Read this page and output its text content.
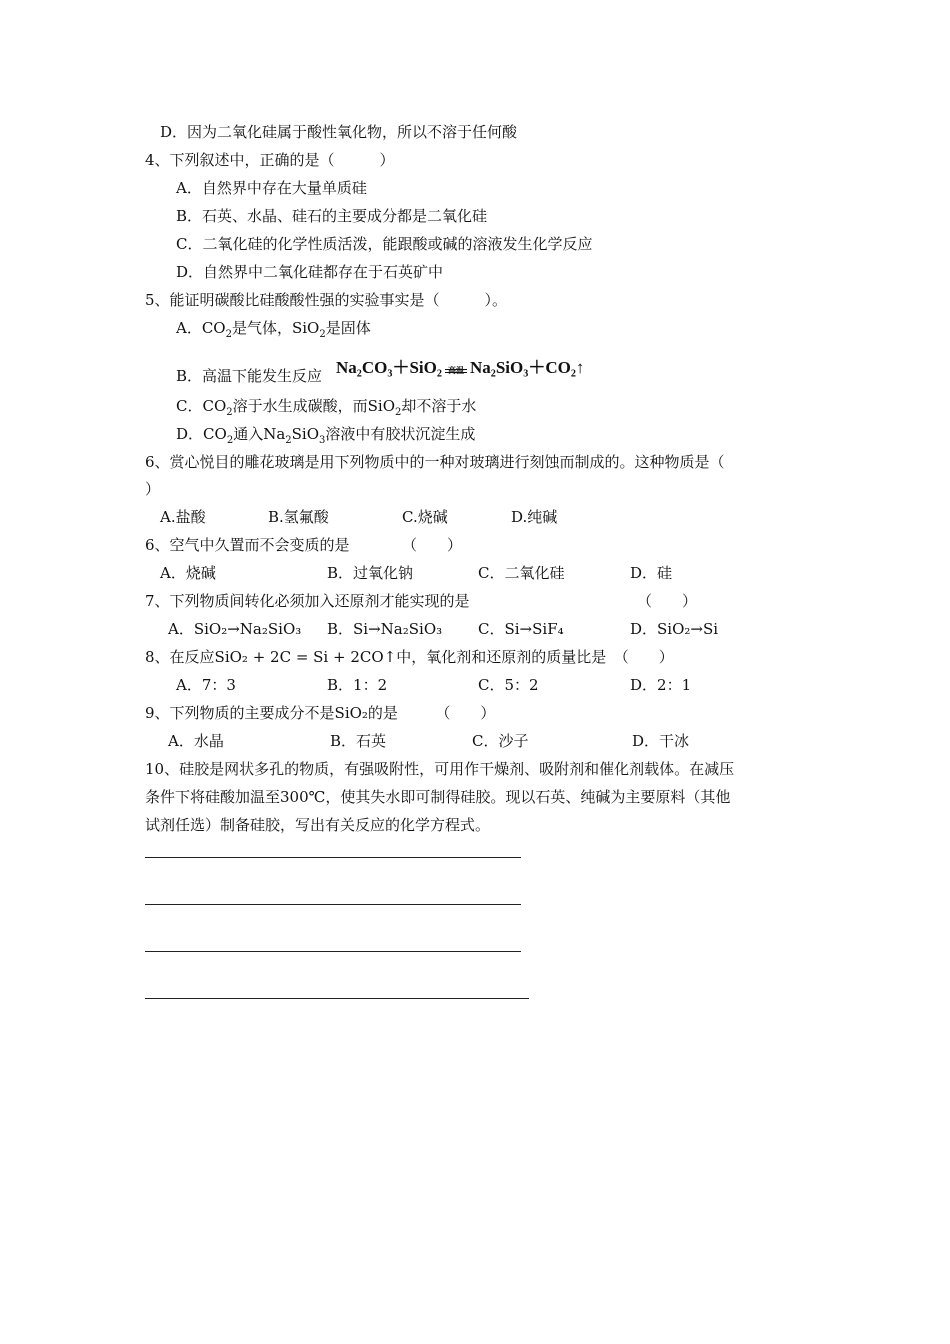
D．因为二氧化硅属于酸性氧化物，所以不溶于任何酸
4、下列叙述中，正确的是（　　　）
A．自然界中存在大量单质硅
B．石英、水晶、硅石的主要成分都是二氧化硅
C．二氧化硅的化学性质活泼，能跟酸或碱的溶液发生化学反应
D．自然界中二氧化硅都存在于石英矿中
5、能证明碳酸比硅酸酸性强的实验事实是（　　　）。
A．$CO_2$是气体，SiO$_2$是固体
B．高温下能发生反应 Na₂CO₃＋SiO₂ 高温 Na₂SiO₃＋CO₂↑
C．$CO_2$溶于水生成碳酸，而SiO$_2$却不溶于水
D．$CO_2$通入$Na_2SiO_3$溶液中有胶状沉淀生成
6、赏心悦目的雕花玻璃是用下列物质中的一种对玻璃进行刻蚀而制成的。这种物质是（
）
A.盐酸	B.氢氟酸	C.烧碱	D.纯碱
6、空气中久置而不会变质的是　　　　（　　）
A．烧碱	B．过氧化钠	C．二氧化硅	D．硅
7、下列物质间转化必须加入还原剂才能实现的是	（　　）
A．SiO₂→Na₂SiO₃ B．Si→Na₂SiO₃ C．Si→SiF₄	D．SiO₂→Si
8、在反应SiO₂ + 2C = Si + 2CO↑中，氧化剂和还原剂的质量比是　（　　）
A．7：3	B．1：2	C．5：2	D．2：1
9、下列物质的主要成分不是SiO₂的是　　　（　　）
A．水晶	B．石英	C．沙子	D．干冰
10、硅胶是网状多孔的物质，有强吸附性，可用作干燥剂、吸附剂和催化剂载体。在减压
条件下将硅酸加温至300℃，使其失水即可制得硅胶。现以石英、纯碱为主要原料（其他
试剂任选）制备硅胶，写出有关反应的化学方程式。
